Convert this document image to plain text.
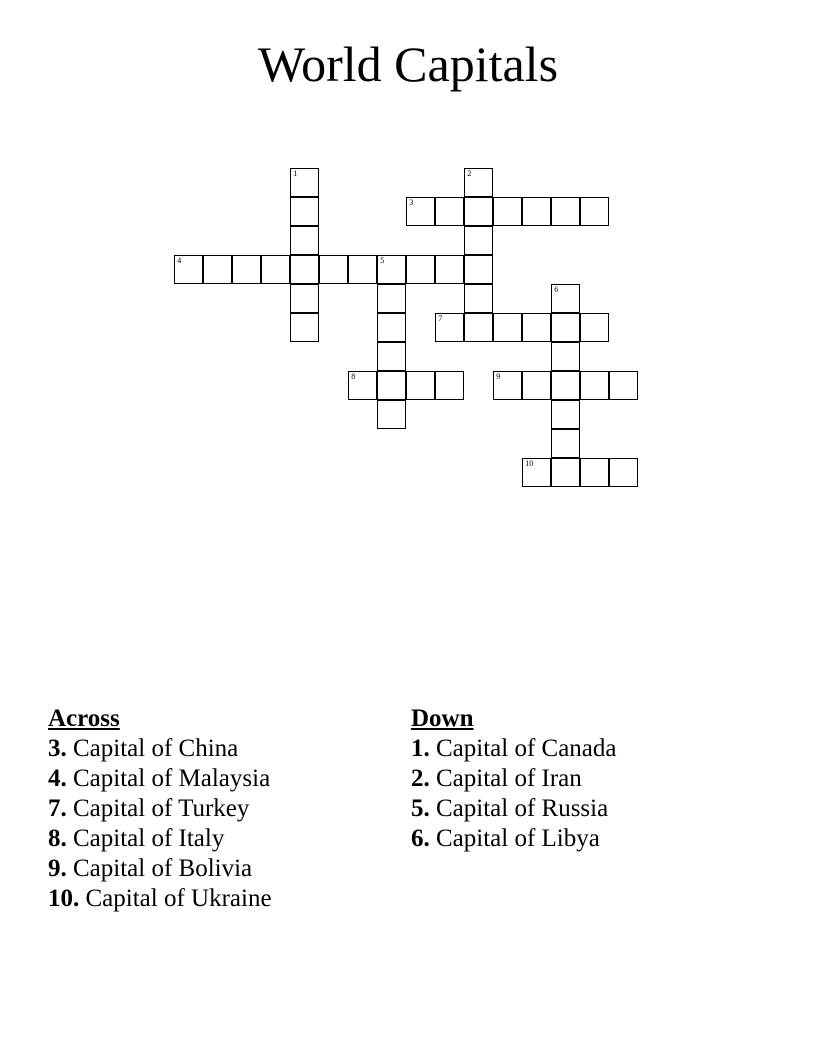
World Capitals
1	2
3
4	5
6
7
8	9
10
Across
3. Capital of China
4. Capital of Malaysia
7. Capital of Turkey
8. Capital of Italy
9. Capital of Bolivia
10. Capital of Ukraine
Down
1. Capital of Canada
2. Capital of Iran
5. Capital of Russia
6. Capital of Libya
